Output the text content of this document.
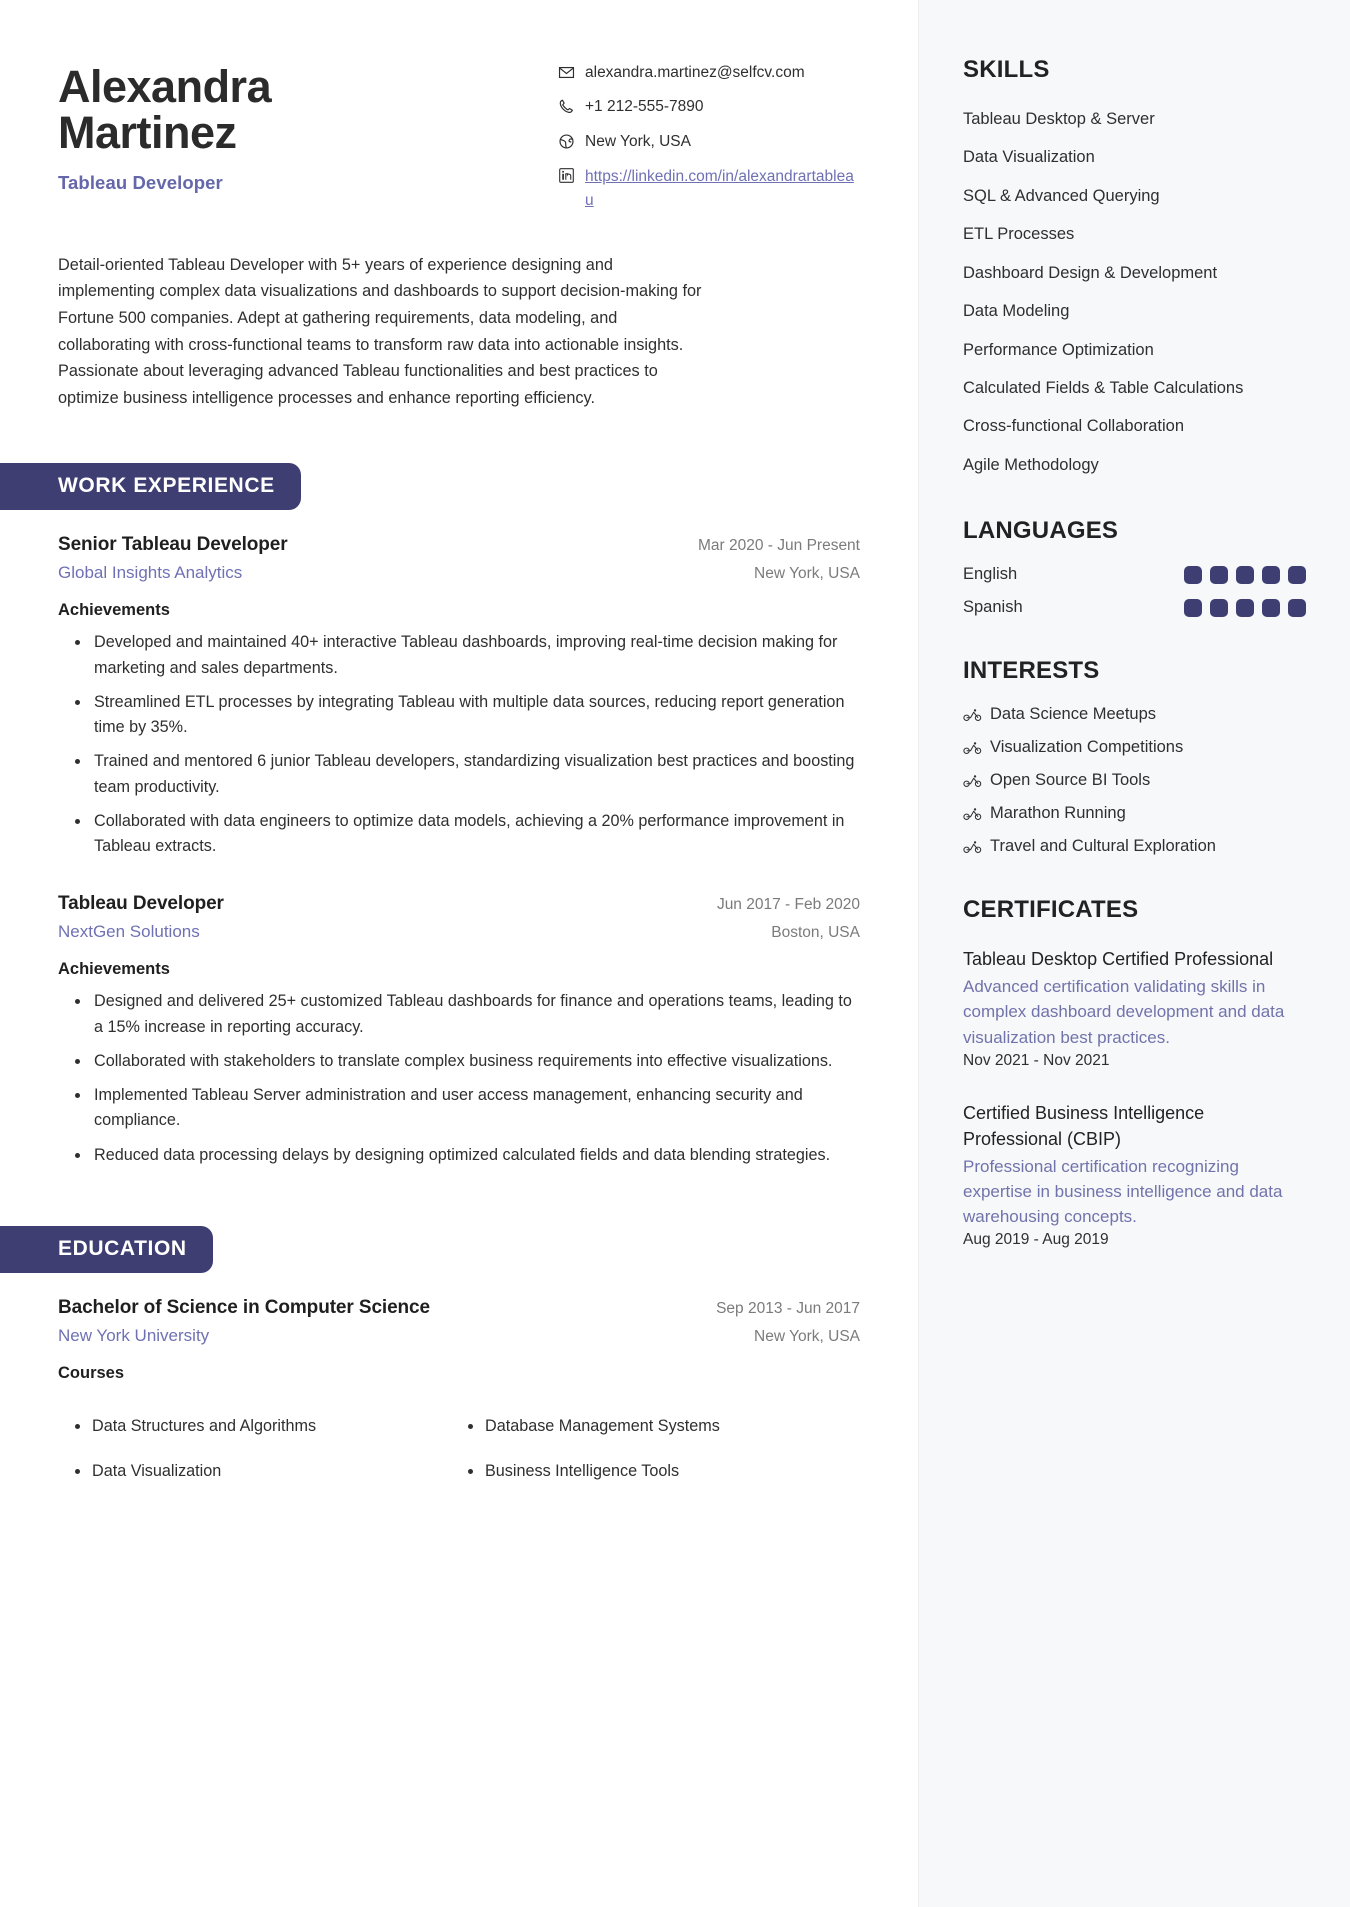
Alexandra
Martinez
Tableau Developer
alexandra.martinez@selfcv.com
+1 212-555-7890
New York, USA
https://linkedin.com/in/alexandrartableau
Detail-oriented Tableau Developer with 5+ years of experience designing and implementing complex data visualizations and dashboards to support decision-making for Fortune 500 companies. Adept at gathering requirements, data modeling, and collaborating with cross-functional teams to transform raw data into actionable insights. Passionate about leveraging advanced Tableau functionalities and best practices to optimize business intelligence processes and enhance reporting efficiency.
WORK EXPERIENCE
Senior Tableau Developer
Global Insights Analytics
Mar 2020 - Jun Present
New York, USA
Achievements
Developed and maintained 40+ interactive Tableau dashboards, improving real-time decision making for marketing and sales departments.
Streamlined ETL processes by integrating Tableau with multiple data sources, reducing report generation time by 35%.
Trained and mentored 6 junior Tableau developers, standardizing visualization best practices and boosting team productivity.
Collaborated with data engineers to optimize data models, achieving a 20% performance improvement in Tableau extracts.
Tableau Developer
NextGen Solutions
Jun 2017 - Feb 2020
Boston, USA
Achievements
Designed and delivered 25+ customized Tableau dashboards for finance and operations teams, leading to a 15% increase in reporting accuracy.
Collaborated with stakeholders to translate complex business requirements into effective visualizations.
Implemented Tableau Server administration and user access management, enhancing security and compliance.
Reduced data processing delays by designing optimized calculated fields and data blending strategies.
EDUCATION
Bachelor of Science in Computer Science
New York University
Sep 2013 - Jun 2017
New York, USA
Courses
Data Structures and Algorithms	Database Management Systems
Data Visualization	Business Intelligence Tools
SKILLS
Tableau Desktop & Server
Data Visualization
SQL & Advanced Querying
ETL Processes
Dashboard Design & Development
Data Modeling
Performance Optimization
Calculated Fields & Table Calculations
Cross-functional Collaboration
Agile Methodology
LANGUAGES
English
Spanish
INTERESTS
Data Science Meetups
Visualization Competitions
Open Source BI Tools
Marathon Running
Travel and Cultural Exploration
CERTIFICATES
Tableau Desktop Certified Professional
Advanced certification validating skills in complex dashboard development and data visualization best practices.
Nov 2021 - Nov 2021
Certified Business Intelligence Professional (CBIP)
Professional certification recognizing expertise in business intelligence and data warehousing concepts.
Aug 2019 - Aug 2019
